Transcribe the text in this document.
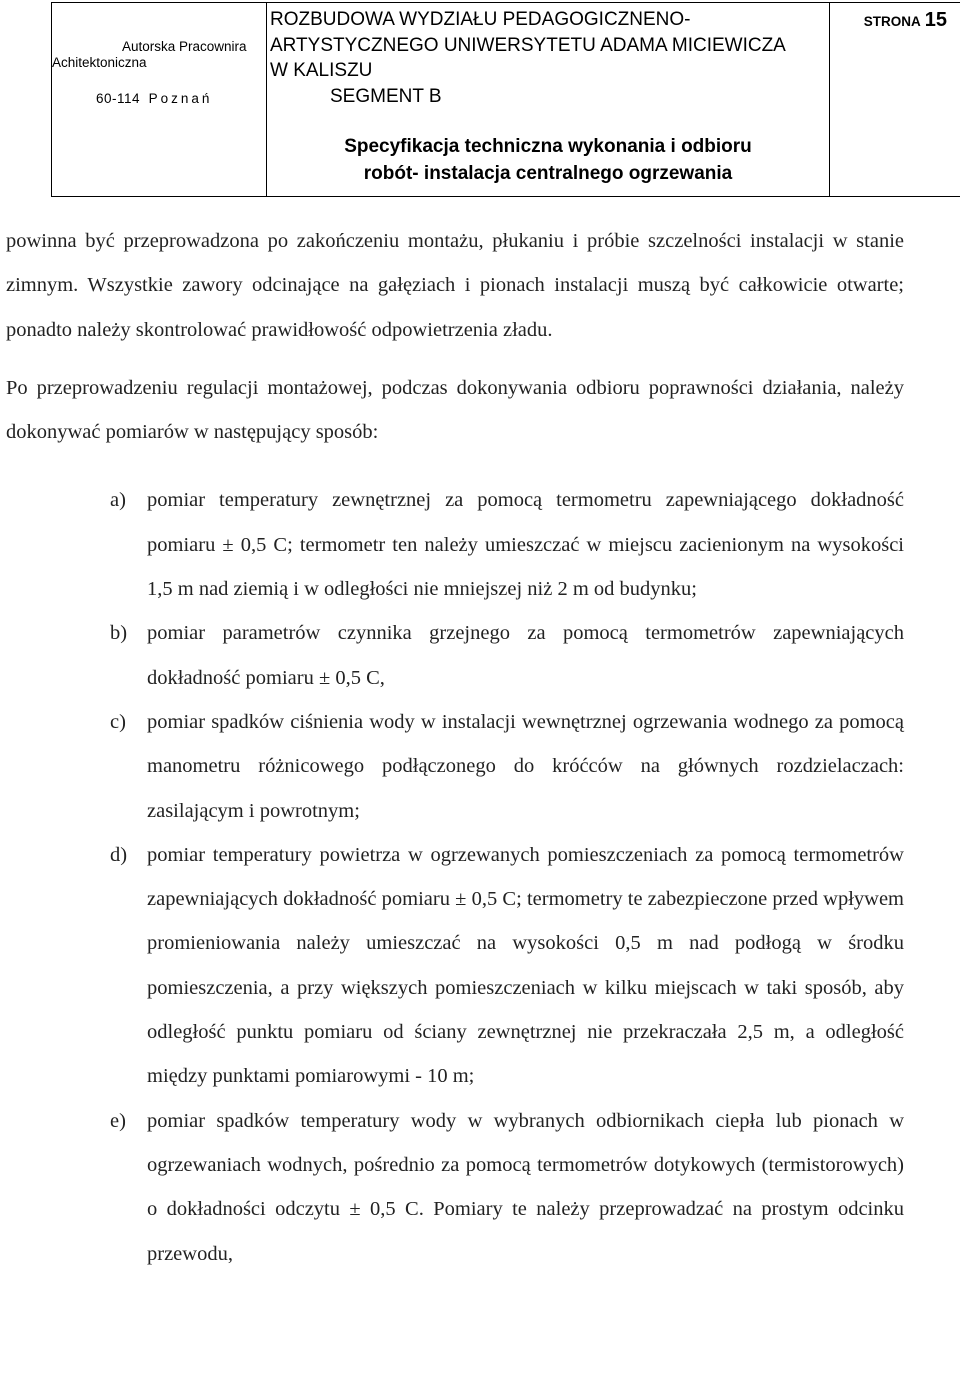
Autorska Pracownira
Achitektoniczna
60-114 Poznań

ROZBUDOWA WYDZIAŁU PEDAGOGICZNENO-
ARTYSTYCZNEGO UNIWERSYTETU ADAMA MICIEWICZA
W KALISZU
SEGMENT B
Specyfikacja techniczna wykonania i odbioru
robót- instalacja centralnego ogrzewania

STRONA 15

powinna być przeprowadzona po zakończeniu montażu, płukaniu i próbie szczelności instalacji w stanie zimnym. Wszystkie zawory odcinające na gałęziach i pionach instalacji muszą być całkowicie otwarte; ponadto należy skontrolować prawidłowość odpowietrzenia zładu.

Po przeprowadzeniu regulacji montażowej, podczas dokonywania odbioru poprawności działania, należy dokonywać pomiarów w następujący sposób:

a) pomiar temperatury zewnętrznej za pomocą termometru zapewniającego dokładność pomiaru ± 0,5 C; termometr ten należy umieszczać w miejscu zacienionym na wysokości 1,5 m nad ziemią i w odległości nie mniejszej niż 2 m od budynku;
b) pomiar parametrów czynnika grzejnego za pomocą termometrów zapewniających dokładność pomiaru ± 0,5 C,
c) pomiar spadków ciśnienia wody w instalacji wewnętrznej ogrzewania wodnego za pomocą manometru różnicowego podłączonego do króćców na głównych rozdzielaczach: zasilającym i powrotnym;
d) pomiar temperatury powietrza w ogrzewanych pomieszczeniach za pomocą termometrów zapewniających dokładność pomiaru ± 0,5 C; termometry te zabezpieczone przed wpływem promieniowania należy umieszczać na wysokości 0,5 m nad podłogą w środku pomieszczenia, a przy większych pomieszczeniach w kilku miejscach w taki sposób, aby odległość punktu pomiaru od ściany zewnętrznej nie przekraczała 2,5 m, a odległość między punktami pomiarowymi - 10 m;
e) pomiar spadków temperatury wody w wybranych odbiornikach ciepła lub pionach w ogrzewaniach wodnych, pośrednio za pomocą termometrów dotykowych (termistorowych) o dokładności odczytu ± 0,5 C. Pomiary te należy przeprowadzać na prostym odcinku przewodu,
